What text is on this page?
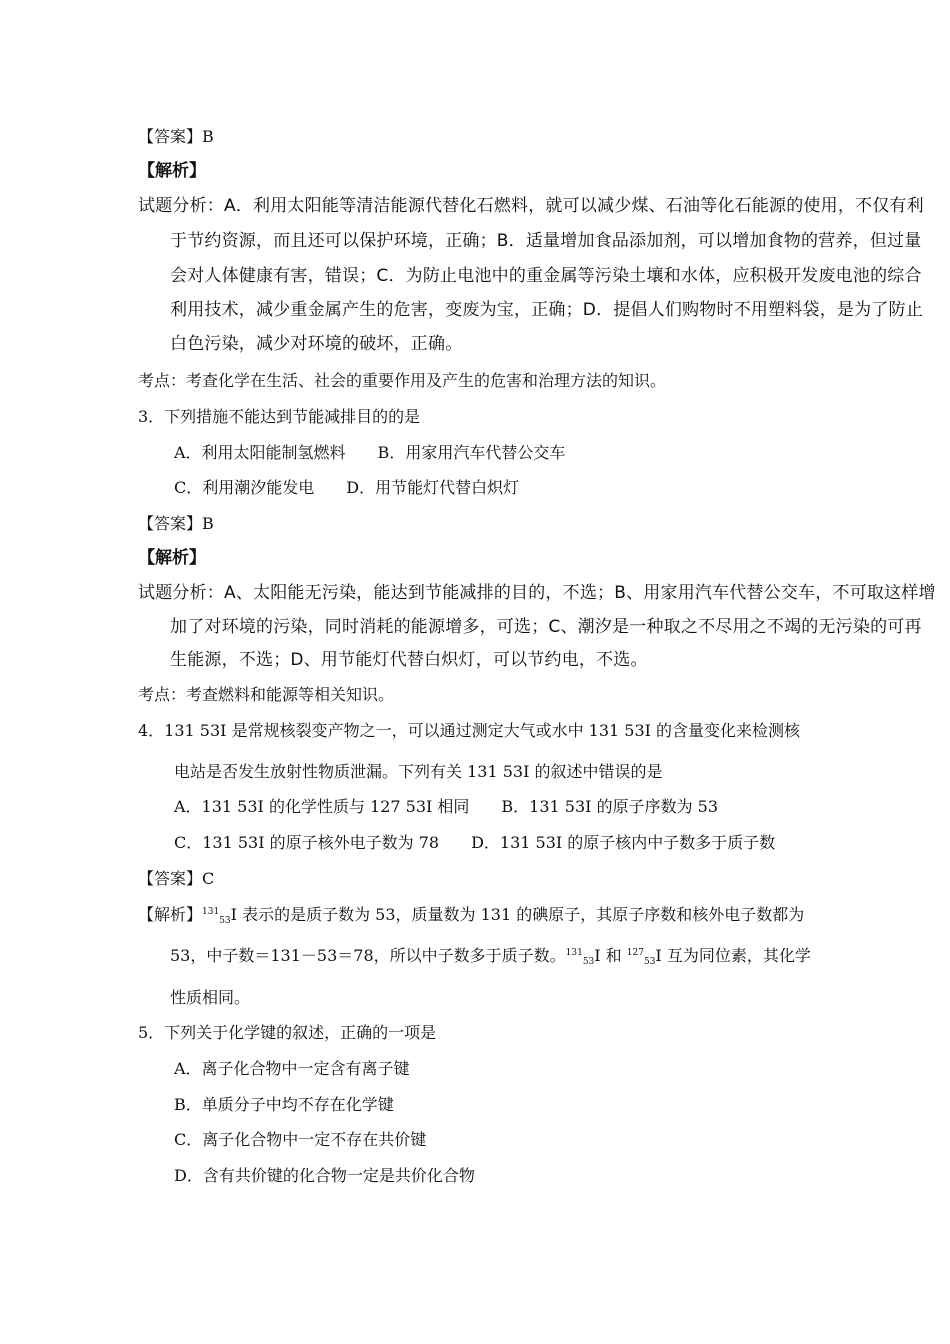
【答案】B
【解析】
试题分析：A．利用太阳能等清洁能源代替化石燃料，就可以减少煤、石油等化石能源的使用，不仅有利
于节约资源，而且还可以保护环境，正确；B．适量增加食品添加剂，可以增加食物的营养，但过量
会对人体健康有害，错误；C．为防止电池中的重金属等污染土壤和水体，应积极开发废电池的综合
利用技术，减少重金属产生的危害，变废为宝，正确；D．提倡人们购物时不用塑料袋，是为了防止
白色污染，减少对环境的破坏，正确。
考点：考查化学在生活、社会的重要作用及产生的危害和治理方法的知识。
3．下列措施不能达到节能减排目的的是
A．利用太阳能制氢燃料　　B．用家用汽车代替公交车
C．利用潮汐能发电　　D．用节能灯代替白炽灯
【答案】B
【解析】
试题分析：A、太阳能无污染，能达到节能减排的目的，不选；B、用家用汽车代替公交车，不可取这样增
加了对环境的污染，同时消耗的能源增多，可选；C、潮汐是一种取之不尽用之不竭的无污染的可再
生能源，不选；D、用节能灯代替白炽灯，可以节约电，不选。
考点：考查燃料和能源等相关知识。
4．131 53I 是常规核裂变产物之一，可以通过测定大气或水中 131 53I 的含量变化来检测核
电站是否发生放射性物质泄漏。下列有关 131 53I 的叙述中错误的是
A．131 53I 的化学性质与 127 53I 相同　　B．131 53I 的原子序数为 53
C．131 53I 的原子核外电子数为 78　　D．131 53I 的原子核内中子数多于质子数
【答案】C
【解析】$^{131}_{53}$I 表示的是质子数为 53，质量数为 131 的碘原子，其原子序数和核外电子数都为
53，中子数＝131－53＝78，所以中子数多于质子数。$^{131}_{53}$I 和 $^{127}_{53}$I 互为同位素，其化学
性质相同。
5．下列关于化学键的叙述，正确的一项是
A．离子化合物中一定含有离子键
B．单质分子中均不存在化学键
C．离子化合物中一定不存在共价键
D．含有共价键的化合物一定是共价化合物
